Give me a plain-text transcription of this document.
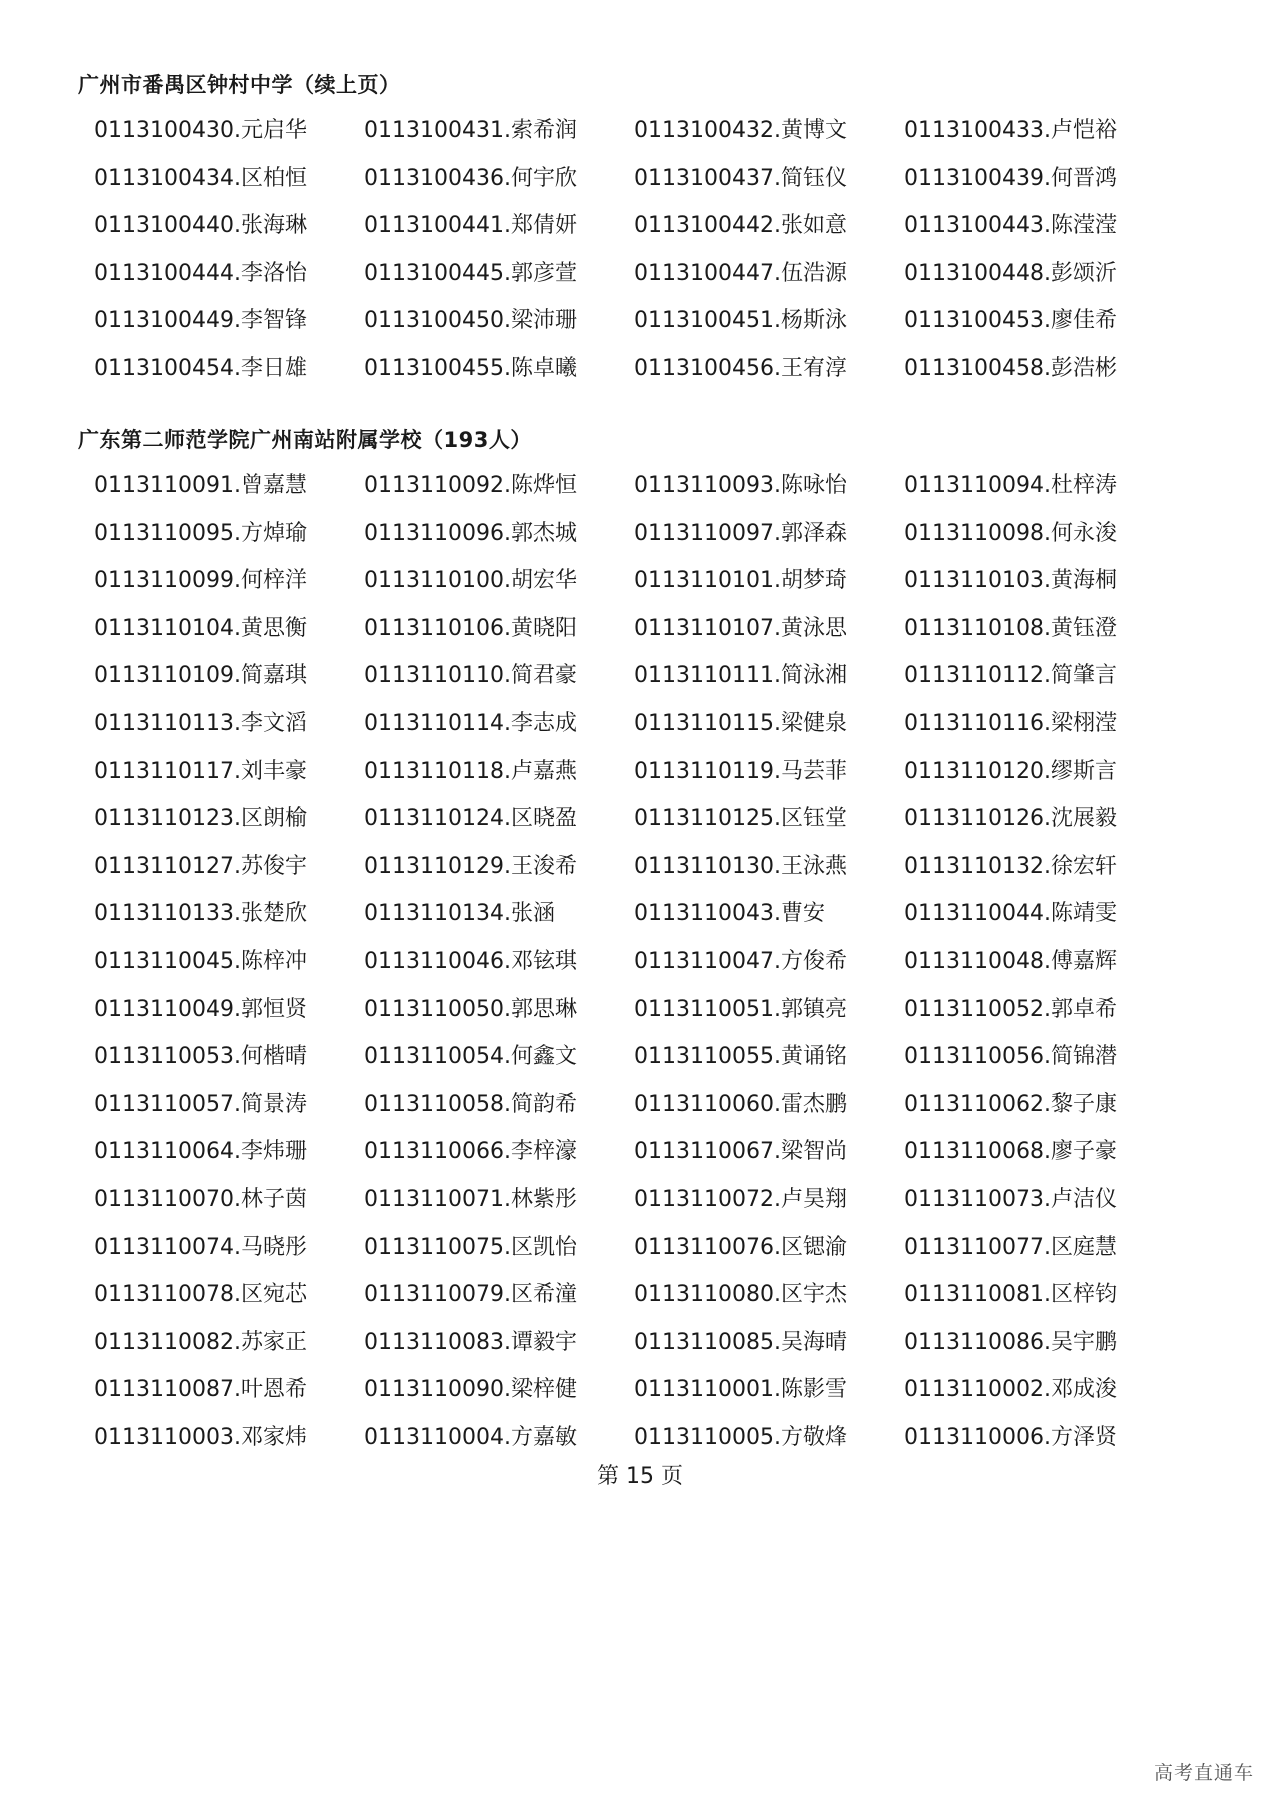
广州市番禺区钟村中学（续上页）
0113100430.元启华	0113100431.索希润	0113100432.黄博文	0113100433.卢恺裕
0113100434.区柏恒	0113100436.何宇欣	0113100437.简钰仪	0113100439.何晋鸿
0113100440.张海琳	0113100441.郑倩妍	0113100442.张如意	0113100443.陈滢滢
0113100444.李洛怡	0113100445.郭彦萱	0113100447.伍浩源	0113100448.彭颂沂
0113100449.李智锋	0113100450.梁沛珊	0113100451.杨斯泳	0113100453.廖佳希
0113100454.李日雄	0113100455.陈卓曦	0113100456.王宥淳	0113100458.彭浩彬
广东第二师范学院广州南站附属学校（193人）
0113110091.曾嘉慧	0113110092.陈烨恒	0113110093.陈咏怡	0113110094.杜梓涛
0113110095.方焯瑜	0113110096.郭杰城	0113110097.郭泽森	0113110098.何永浚
0113110099.何梓洋	0113110100.胡宏华	0113110101.胡梦琦	0113110103.黄海桐
0113110104.黄思衡	0113110106.黄晓阳	0113110107.黄泳思	0113110108.黄钰澄
0113110109.简嘉琪	0113110110.简君豪	0113110111.简泳湘	0113110112.简肇言
0113110113.李文滔	0113110114.李志成	0113110115.梁健泉	0113110116.梁栩滢
0113110117.刘丰豪	0113110118.卢嘉燕	0113110119.马芸菲	0113110120.缪斯言
0113110123.区朗榆	0113110124.区晓盈	0113110125.区钰堂	0113110126.沈展毅
0113110127.苏俊宇	0113110129.王浚希	0113110130.王泳燕	0113110132.徐宏轩
0113110133.张楚欣	0113110134.张涵	0113110043.曹安	0113110044.陈靖雯
0113110045.陈梓冲	0113110046.邓铉琪	0113110047.方俊希	0113110048.傅嘉辉
0113110049.郭恒贤	0113110050.郭思琳	0113110051.郭镇亮	0113110052.郭卓希
0113110053.何楷晴	0113110054.何鑫文	0113110055.黄诵铭	0113110056.简锦潜
0113110057.简景涛	0113110058.简韵希	0113110060.雷杰鹏	0113110062.黎子康
0113110064.李炜珊	0113110066.李梓濠	0113110067.梁智尚	0113110068.廖子豪
0113110070.林子茵	0113110071.林紫彤	0113110072.卢昊翔	0113110073.卢洁仪
0113110074.马晓彤	0113110075.区凯怡	0113110076.区锶渝	0113110077.区庭慧
0113110078.区宛芯	0113110079.区希潼	0113110080.区宇杰	0113110081.区梓钧
0113110082.苏家正	0113110083.谭毅宇	0113110085.吴海晴	0113110086.吴宇鹏
0113110087.叶恩希	0113110090.梁梓健	0113110001.陈影雪	0113110002.邓成浚
0113110003.邓家炜	0113110004.方嘉敏	0113110005.方敬烽	0113110006.方泽贤
第 15 页
高考直通车
